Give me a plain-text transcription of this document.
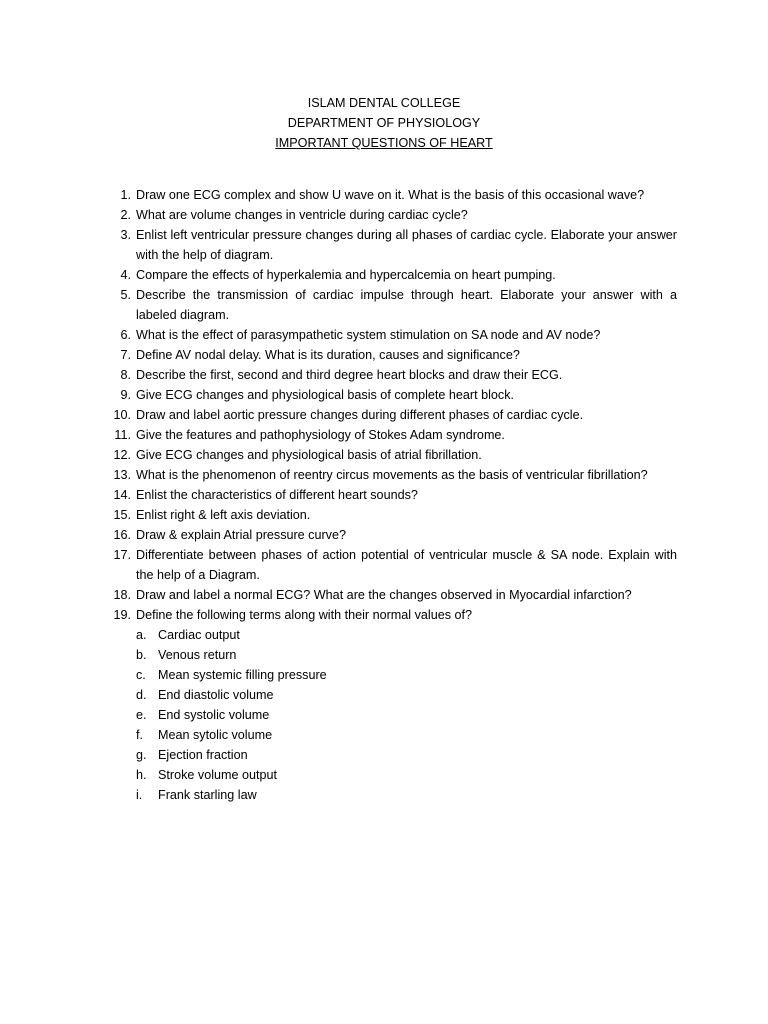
ISLAM DENTAL COLLEGE
DEPARTMENT OF PHYSIOLOGY
IMPORTANT QUESTIONS OF HEART
1. Draw one ECG complex and show U wave on it. What is the basis of this occasional wave?
2. What are volume changes in ventricle during cardiac cycle?
3. Enlist left ventricular pressure changes during all phases of cardiac cycle. Elaborate your answer with the help of diagram.
4. Compare the effects of hyperkalemia and hypercalcemia on heart pumping.
5. Describe the transmission of cardiac impulse through heart. Elaborate your answer with a labeled diagram.
6. What is the effect of parasympathetic system stimulation on SA node and AV node?
7. Define AV nodal delay. What is its duration, causes and significance?
8. Describe the first, second and third degree heart blocks and draw their ECG.
9. Give ECG changes and physiological basis of complete heart block.
10. Draw and label aortic pressure changes during different phases of cardiac cycle.
11. Give the features and pathophysiology of Stokes Adam syndrome.
12. Give ECG changes and physiological basis of atrial fibrillation.
13. What is the phenomenon of reentry circus movements as the basis of ventricular fibrillation?
14. Enlist the characteristics of different heart sounds?
15. Enlist right & left axis deviation.
16. Draw & explain Atrial pressure curve?
17. Differentiate between phases of action potential of ventricular muscle & SA node. Explain with the help of a Diagram.
18. Draw and label a normal ECG? What are the changes observed in Myocardial infarction?
19. Define the following terms along with their normal values of?
a. Cardiac output
b. Venous return
c. Mean systemic filling pressure
d. End diastolic volume
e. End systolic volume
f. Mean sytolic volume
g. Ejection fraction
h. Stroke volume output
i. Frank starling law
